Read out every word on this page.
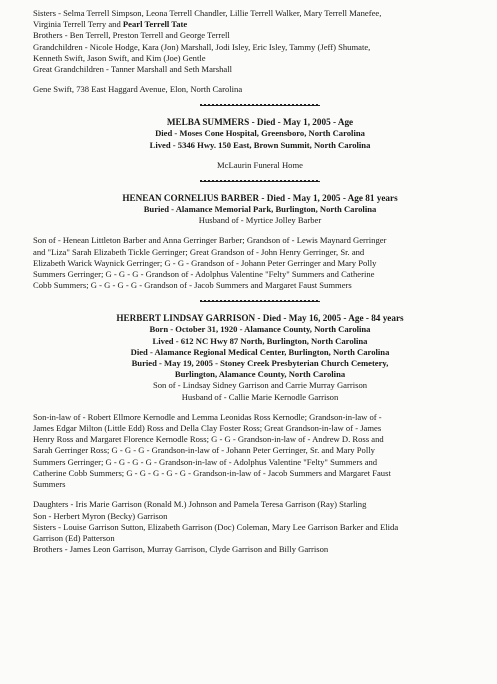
Sisters - Selma Terrell Simpson, Leona Terrell Chandler, Lillie Terrell Walker, Mary Terrell Manefee,

Virginia Terrell Terry and Pearl Terrell Tate

Brothers - Ben Terrell, Preston Terrell and George Terrell

Grandchildren - Nicole Hodge, Kara (Jon) Marshall, Jodi Isley, Eric Isley, Tammy (Jeff) Shumate,

Kenneth Swift, Jason Swift, and Kim (Joe) Gentle

Great Grandchildren - Tanner Marshall and Seth Marshall

Gene Swift, 738 East Haggard Avenue, Elon, North Carolina

MELBA SUMMERS - Died - May 1, 2005 - Age

Died - Moses Cone Hospital, Greensboro, North Carolina

Lived - 5346 Hwy. 150 East, Brown Summit, North Carolina

McLaurin Funeral Home

HENEAN CORNELIUS BARBER - Died - May 1, 2005 - Age 81 years

Buried - Alamance Memorial Park, Burlington, North Carolina

Husband of - Myrtice Jolley Barber

Son of - Henean Littleton Barber and Anna Gerringer Barber; Grandson of - Lewis Maynard Gerringer

and "Liza" Sarah Elizabeth Tickle Gerringer; Great Grandson of - John Henry Gerringer, Sr. and

Elizabeth Warick Waynick Gerringer; G - G - Grandson of - Johann Peter Gerringer and Mary Polly

Summers Gerringer; G - G - G - Grandson of - Adolphus Valentine "Felty" Summers and Catherine

Cobb Summers; G - G - G - G - Grandson of - Jacob Summers and Margaret Faust Summers

HERBERT LINDSAY GARRISON - Died - May 16, 2005 - Age - 84 years

Born - October 31, 1920 - Alamance County, North Carolina

Lived - 612 NC Hwy 87 North, Burlington, North Carolina

Died - Alamance Regional Medical Center, Burlington, North Carolina

Buried - May 19, 2005 - Stoney Creek Presbyterian Church Cemetery,

Burlington, Alamance County, North Carolina

Son of - Lindsay Sidney Garrison and Carrie Murray Garrison

Husband of - Callie Marie Kernodle Garrison

Son-in-law of - Robert Ellmore Kernodle and Lemma Leonidas Ross Kernodle; Grandson-in-law of -

James Edgar Milton (Little Edd) Ross and Della Clay Foster Ross; Great Grandson-in-law of - James

Henry Ross and Margaret Florence Kernodle Ross; G - G - Grandson-in-law of - Andrew D. Ross and

Sarah Gerringer Ross; G - G - G - Grandson-in-law of - Johann Peter Gerringer, Sr. and Mary Polly

Summers Gerringer; G - G - G - G - Grandson-in-law of - Adolphus Valentine "Felty" Summers and

Catherine Cobb Summers; G - G - G - G - G - Grandson-in-law of - Jacob Summers and Margaret Faust

Summers

Daughters - Iris Marie Garrison (Ronald M.) Johnson and Pamela Teresa Garrison (Ray) Starling

Son - Herbert Myron (Becky) Garrison

Sisters - Louise Garrison Sutton, Elizabeth Garrison (Doc) Coleman, Mary Lee Garrison Barker and Elida

Garrison (Ed) Patterson

Brothers - James Leon Garrison, Murray Garrison, Clyde Garrison and Billy Garrison
